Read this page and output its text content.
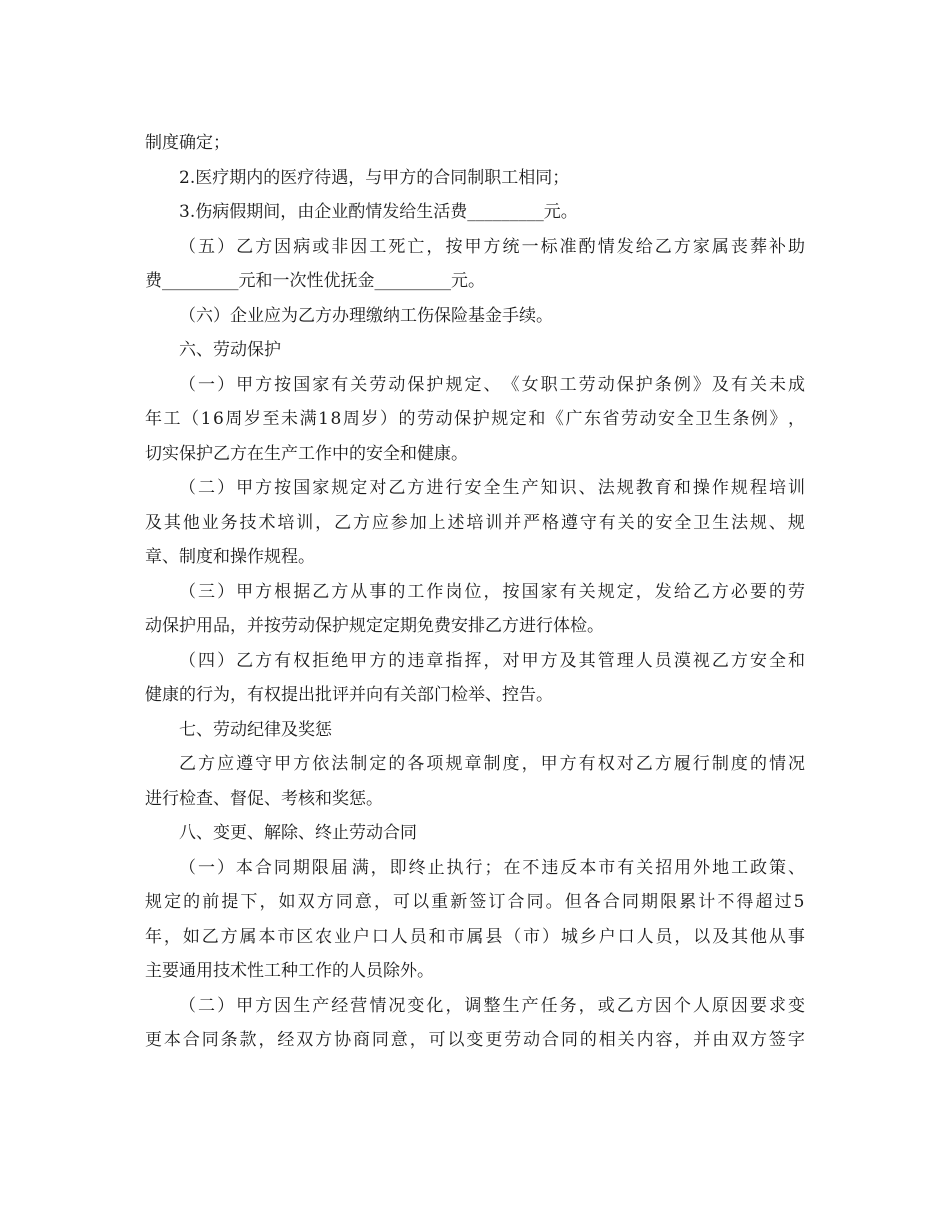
制度确定；
2.医疗期内的医疗待遇，与甲方的合同制职工相同；
3.伤病假期间，由企业酌情发给生活费_________元。
（ 五 ） 乙 方 因 病 或 非 因 工 死 亡 ， 按 甲 方 统 一 标 准 酌 情 发 给 乙 方 家 属 丧 葬 补 助
费_________元和一次性优抚金_________元。
（六）企业应为乙方办理缴纳工伤保险基金手续。
六、劳动保护
（ 一 ） 甲 方 按 国 家 有 关 劳 动 保 护 规 定 、 《 女 职 工 劳 动 保 护 条 例 》 及 有 关 未 成
年 工 （ 1 6 周 岁 至 未 满 1 8 周 岁 ） 的 劳 动 保 护 规 定 和 《 广 东 省 劳 动 安 全 卫 生 条 例 》 ，
切实保护乙方在生产工作中的安全和健康。
（ 二 ） 甲 方 按 国 家 规 定 对 乙 方 进 行 安 全 生 产 知 识 、 法 规 教 育 和 操 作 规 程 培 训
及 其 他 业 务 技 术 培 训 ， 乙 方 应 参 加 上 述 培 训 并 严 格 遵 守 有 关 的 安 全 卫 生 法 规 、 规
章、制度和操作规程。
（ 三 ） 甲 方 根 据 乙 方 从 事 的 工 作 岗 位 ， 按 国 家 有 关 规 定 ， 发 给 乙 方 必 要 的 劳
动保护用品，并按劳动保护规定定期免费安排乙方进行体检。
（ 四 ） 乙 方 有 权 拒 绝 甲 方 的 违 章 指 挥 ， 对 甲 方 及 其 管 理 人 员 漠 视 乙 方 安 全 和
健康的行为，有权提出批评并向有关部门检举、控告。
七、劳动纪律及奖惩
乙 方 应 遵 守 甲 方 依 法 制 定 的 各 项 规 章 制 度 ， 甲 方 有 权 对 乙 方 履 行 制 度 的 情 况
进行检查、督促、考核和奖惩。
八、变更、解除、终止劳动合同
（ 一 ） 本 合 同 期 限 届 满 ， 即 终 止 执 行 ； 在 不 违 反 本 市 有 关 招 用 外 地 工 政 策 、
规 定 的 前 提 下 ， 如 双 方 同 意 ， 可 以 重 新 签 订 合 同 。 但 各 合 同 期 限 累 计 不 得 超 过 5
年 ， 如 乙 方 属 本 市 区 农 业 户 口 人 员 和 市 属 县 （ 市 ） 城 乡 户 口 人 员 ， 以 及 其 他 从 事
主要通用技术性工种工作的人员除外。
（ 二 ） 甲 方 因 生 产 经 营 情 况 变 化 ， 调 整 生 产 任 务 ， 或 乙 方 因 个 人 原 因 要 求 变
更 本 合 同 条 款 ， 经 双 方 协 商 同 意 ， 可 以 变 更 劳 动 合 同 的 相 关 内 容 ， 并 由 双 方 签 字
